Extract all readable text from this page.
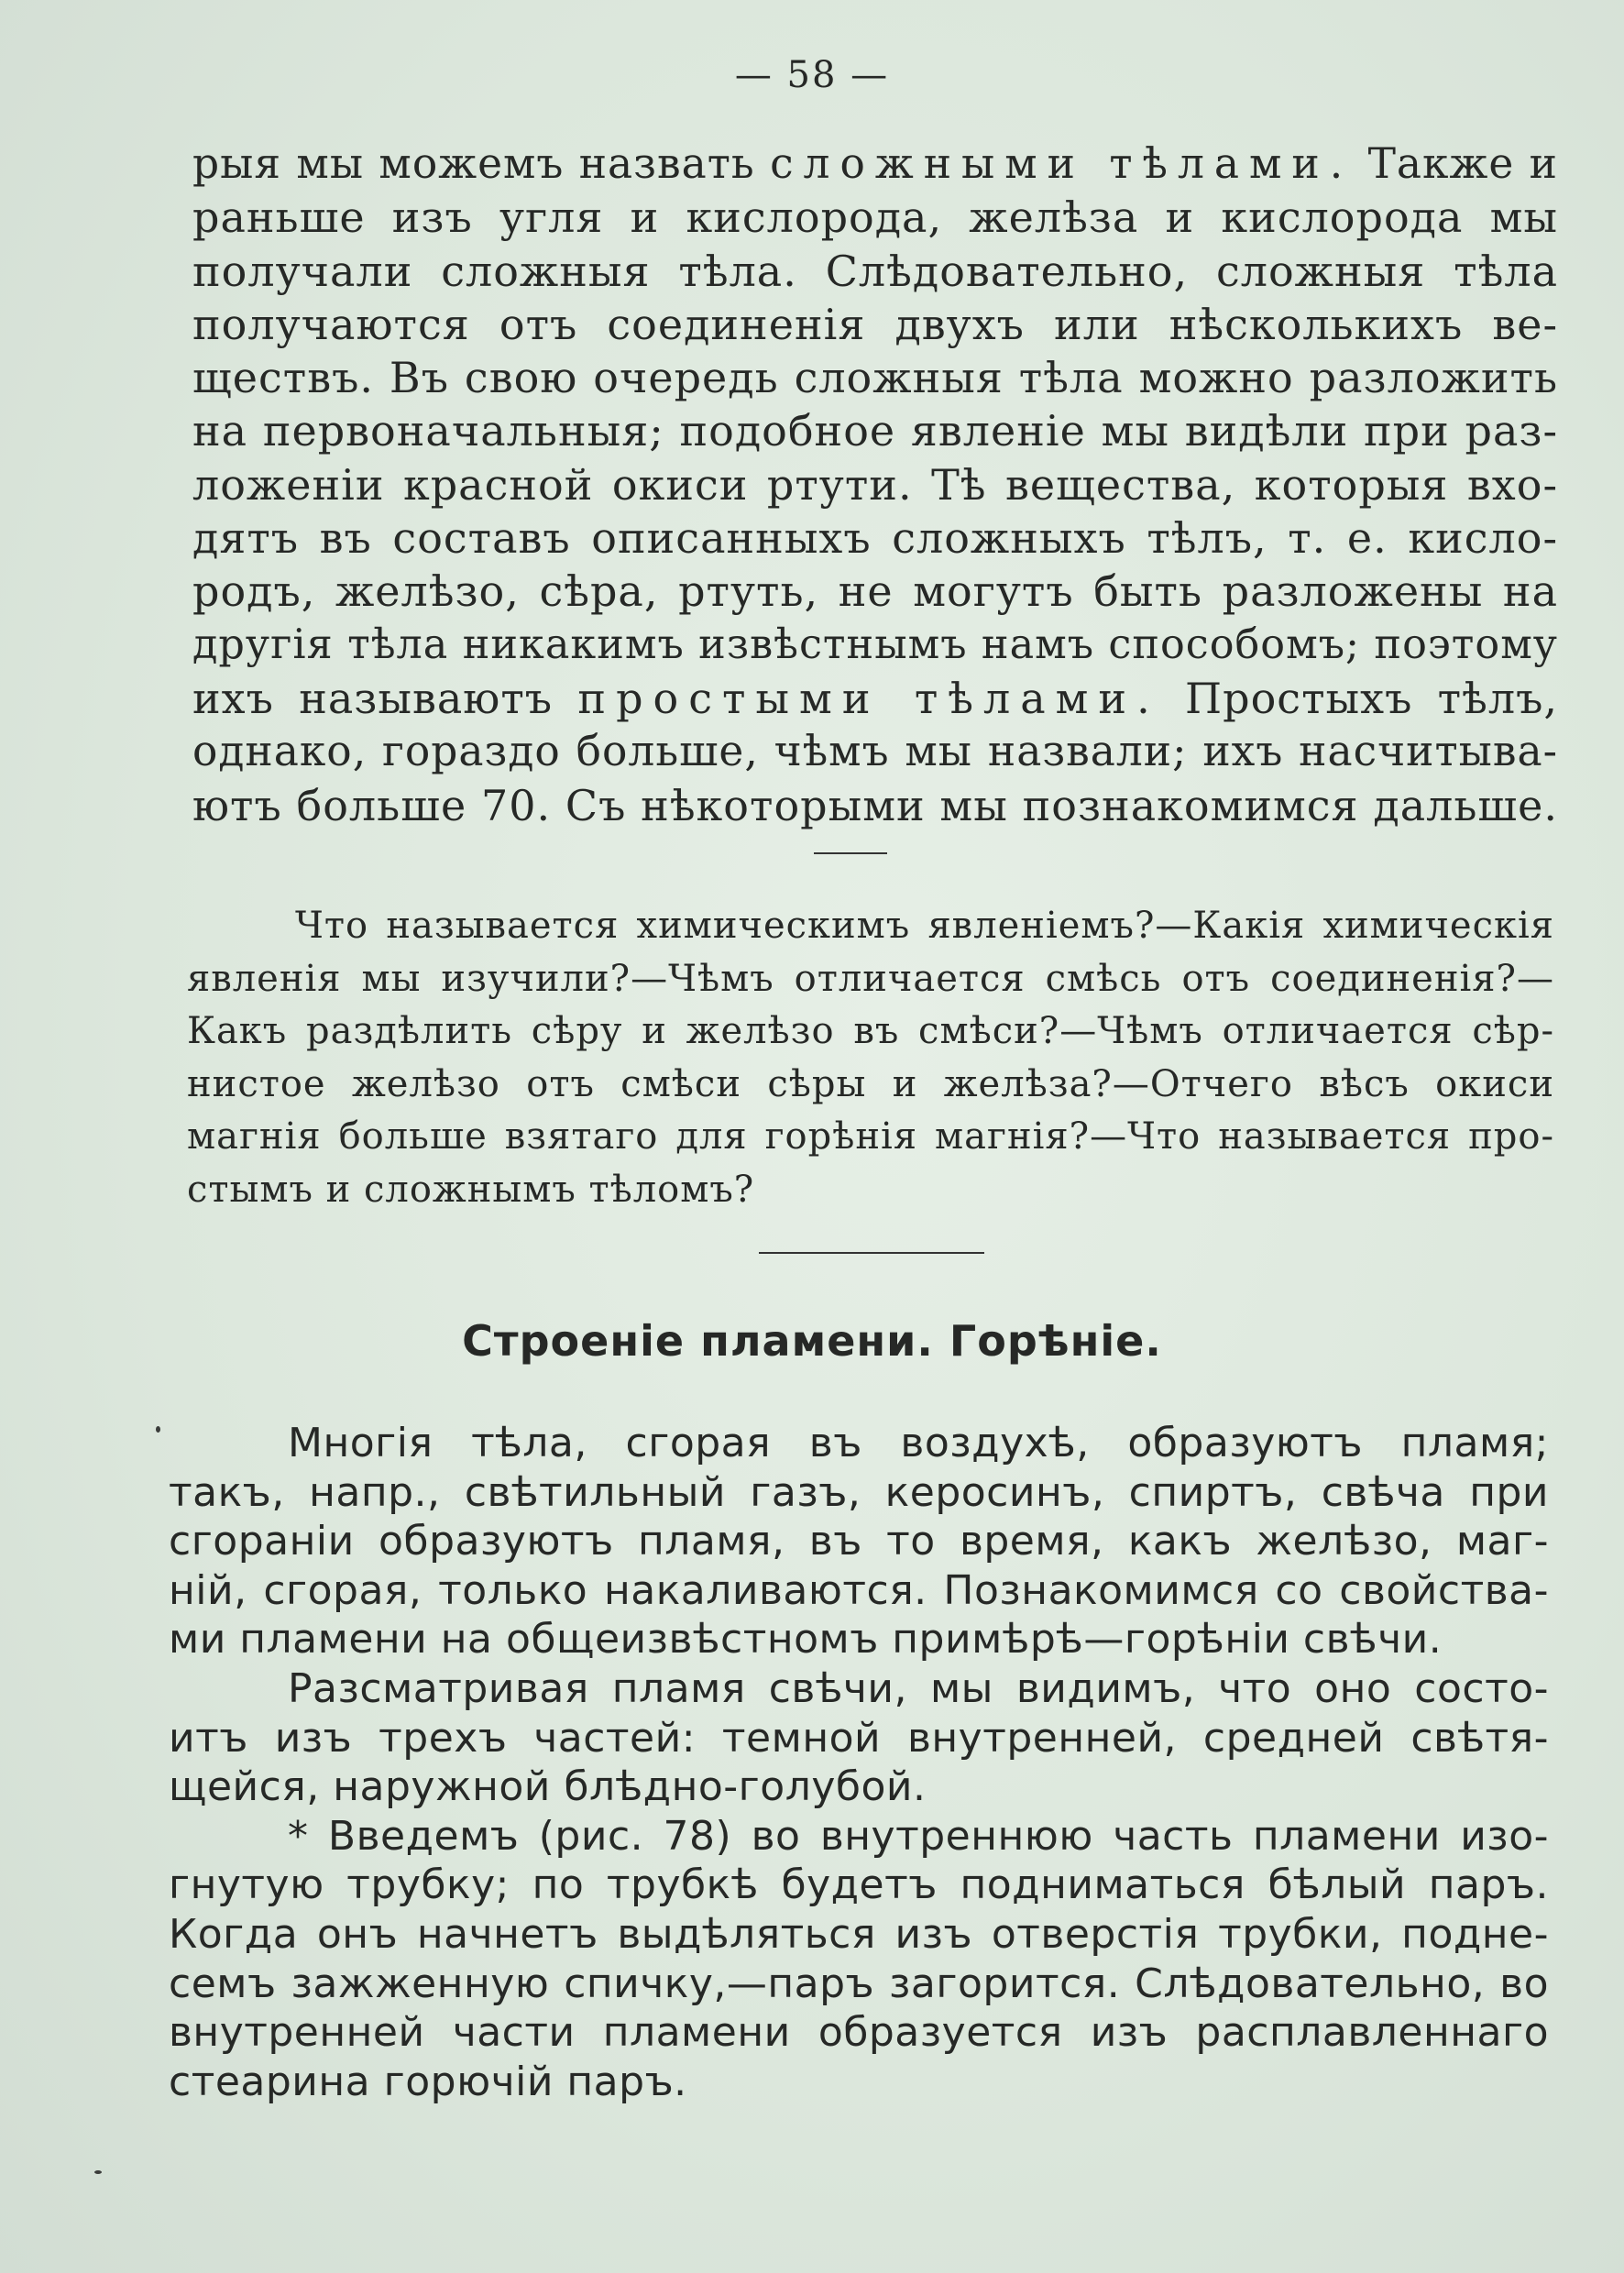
— 58 —
рыя мы можемъ назвать сложными тѣлами. Также и
раньше изъ угля и кислорода, желѣза и кислорода мы
получали сложныя тѣла. Слѣдовательно, сложныя тѣла
получаются отъ соединенія двухъ или нѣсколькихъ ве-
ществъ. Въ свою очередь сложныя тѣла можно разложить
на первоначальныя; подобное явленіе мы видѣли при раз-
ложеніи красной окиси ртути. Тѣ вещества, которыя вхо-
дятъ въ составъ описанныхъ сложныхъ тѣлъ, т. е. кисло-
родъ, желѣзо, сѣра, ртуть, не могутъ быть разложены на
другія тѣла никакимъ извѣстнымъ намъ способомъ; поэтому
ихъ называютъ простыми тѣлами. Простыхъ тѣлъ,
однако, гораздо больше, чѣмъ мы назвали; ихъ насчитыва-
ютъ больше 70. Съ нѣкоторыми мы познакомимся дальше.
Что называется химическимъ явленіемъ?—Какія химическія
явленія мы изучили?—Чѣмъ отличается смѣсь отъ соединенія?—
Какъ раздѣлить сѣру и желѣзо въ смѣси?—Чѣмъ отличается сѣр-
нистое желѣзо отъ смѣси сѣры и желѣза?—Отчего вѣсъ окиси
магнія больше взятаго для горѣнія магнія?—Что называется про-
стымъ и сложнымъ тѣломъ?
Строеніе пламени. Горѣніе.
Многія тѣла, сгорая въ воздухѣ, образуютъ пламя;
такъ, напр., свѣтильный газъ, керосинъ, спиртъ, свѣча при
сгораніи образуютъ пламя, въ то время, какъ желѣзо, маг-
ній, сгорая, только накаливаются. Познакомимся со свойства-
ми пламени на общеизвѣстномъ примѣрѣ—горѣніи свѣчи.
Разсматривая пламя свѣчи, мы видимъ, что оно состо-
итъ изъ трехъ частей: темной внутренней, средней свѣтя-
щейся, наружной блѣдно-голубой.
* Введемъ (рис. 78) во внутреннюю часть пламени изо-
гнутую трубку; по трубкѣ будетъ подниматься бѣлый паръ.
Когда онъ начнетъ выдѣляться изъ отверстія трубки, подне-
семъ зажженную спичку,—паръ загорится. Слѣдовательно, во
внутренней части пламени образуется изъ расплавленнаго
стеарина горючій паръ.
